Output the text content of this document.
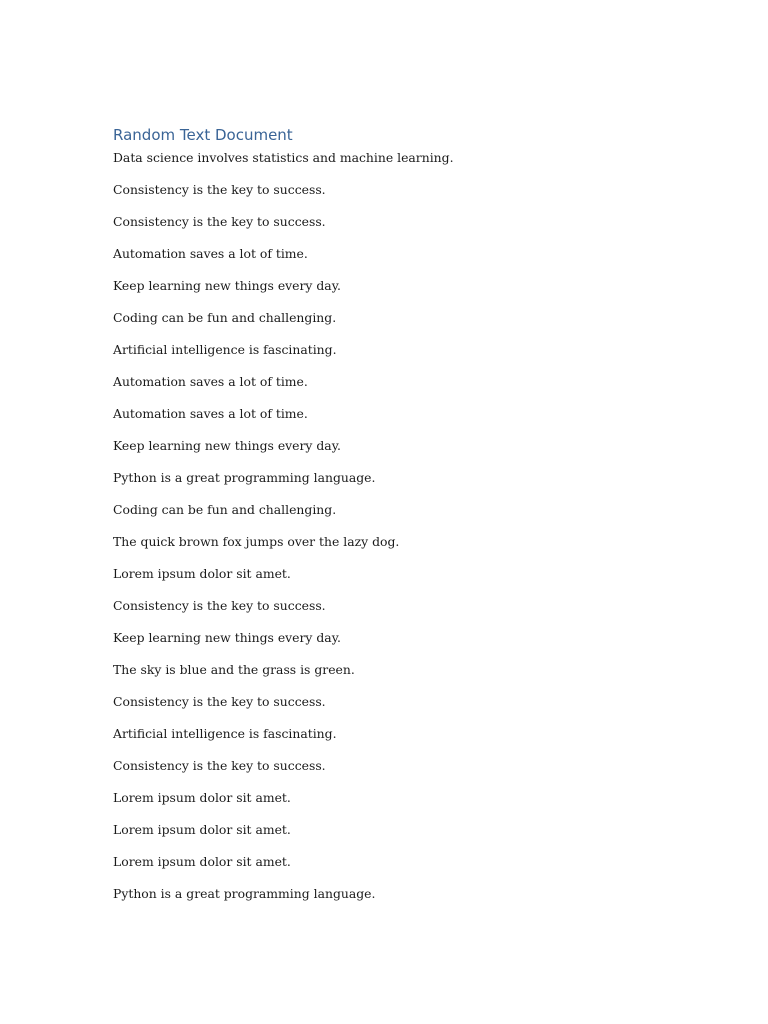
Random Text Document
Data science involves statistics and machine learning.
Consistency is the key to success.
Consistency is the key to success.
Automation saves a lot of time.
Keep learning new things every day.
Coding can be fun and challenging.
Artificial intelligence is fascinating.
Automation saves a lot of time.
Automation saves a lot of time.
Keep learning new things every day.
Python is a great programming language.
Coding can be fun and challenging.
The quick brown fox jumps over the lazy dog.
Lorem ipsum dolor sit amet.
Consistency is the key to success.
Keep learning new things every day.
The sky is blue and the grass is green.
Consistency is the key to success.
Artificial intelligence is fascinating.
Consistency is the key to success.
Lorem ipsum dolor sit amet.
Lorem ipsum dolor sit amet.
Lorem ipsum dolor sit amet.
Python is a great programming language.
